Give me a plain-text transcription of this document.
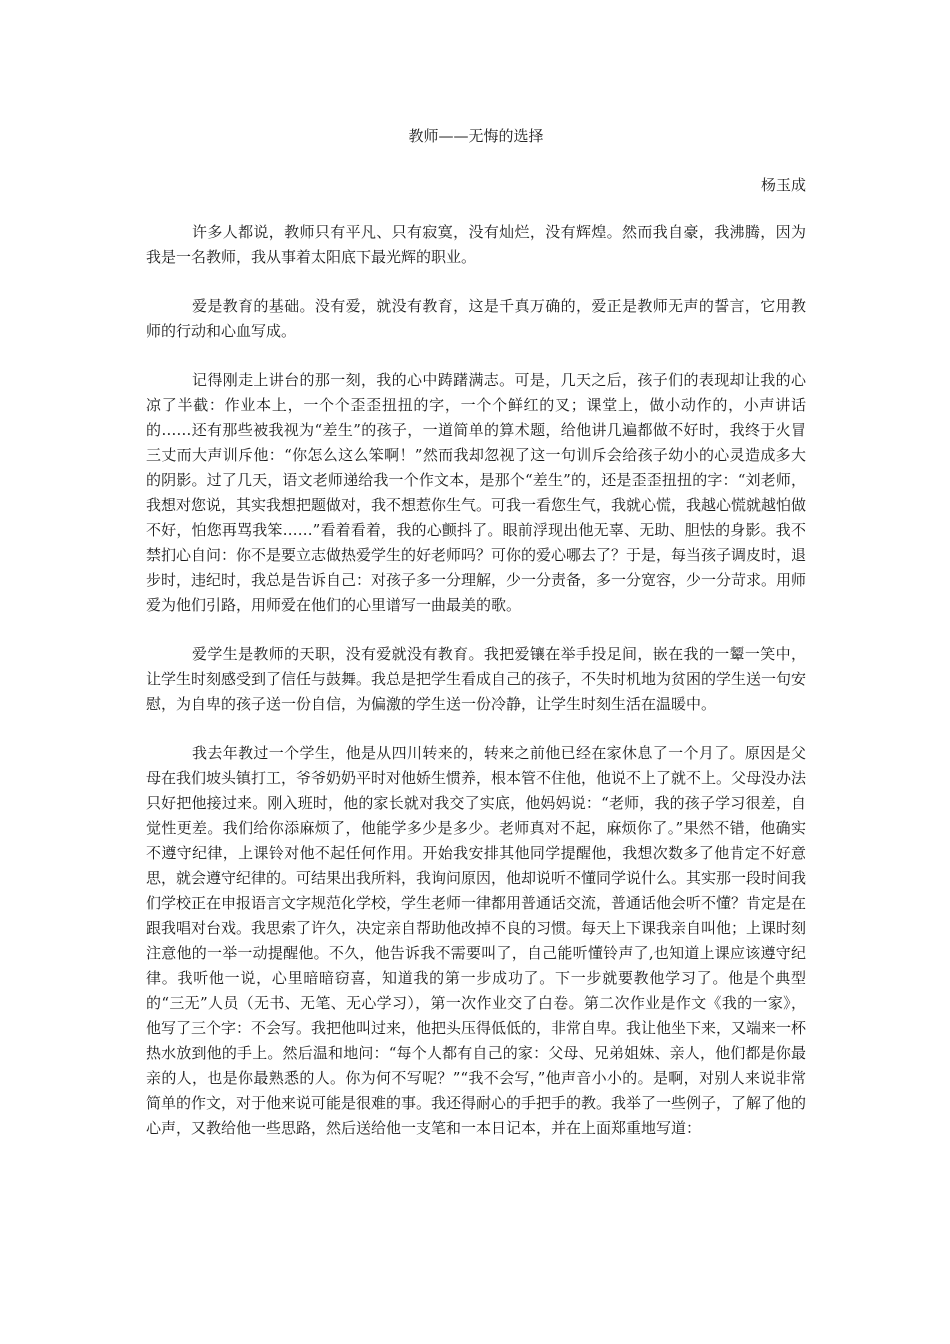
教师——无悔的选择
杨玉成

许多人都说，教师只有平凡、只有寂寞，没有灿烂，没有辉煌。然而我自豪，我沸腾，因为我是一名教师，我从事着太阳底下最光辉的职业。

爱是教育的基础。没有爱，就没有教育，这是千真万确的，爱正是教师无声的誓言，它用教师的行动和心血写成。

记得刚走上讲台的那一刻，我的心中踌躇满志。可是，几天之后，孩子们的表现却让我的心凉了半截：作业本上，一个个歪歪扭扭的字，一个个鲜红的叉；课堂上，做小动作的，小声讲话的……还有那些被我视为“差生”的孩子，一道简单的算术题，给他讲几遍都做不好时，我终于火冒三丈而大声训斥他：“你怎么这么笨啊！”然而我却忽视了这一句训斥会给孩子幼小的心灵造成多大的阴影。过了几天，语文老师递给我一个作文本，是那个“差生”的，还是歪歪扭扭的字：“刘老师，我想对您说，其实我想把题做对，我不想惹你生气。可我一看您生气，我就心慌，我越心慌就越怕做不好，怕您再骂我笨……”看着看着，我的心颤抖了。眼前浮现出他无辜、无助、胆怯的身影。我不禁扪心自问：你不是要立志做热爱学生的好老师吗？可你的爱心哪去了？于是，每当孩子调皮时，退步时，违纪时，我总是告诉自己：对孩子多一分理解，少一分责备，多一分宽容，少一分苛求。用师爱为他们引路，用师爱在他们的心里谱写一曲最美的歌。

爱学生是教师的天职，没有爱就没有教育。我把爱镶在举手投足间，嵌在我的一颦一笑中，让学生时刻感受到了信任与鼓舞。我总是把学生看成自己的孩子，不失时机地为贫困的学生送一句安慰，为自卑的孩子送一份自信，为偏激的学生送一份冷静，让学生时刻生活在温暖中。

我去年教过一个学生，他是从四川转来的，转来之前他已经在家休息了一个月了。原因是父母在我们坡头镇打工，爷爷奶奶平时对他娇生惯养，根本管不住他，他说不上了就不上。父母没办法只好把他接过来。刚入班时，他的家长就对我交了实底，他妈妈说：“老师，我的孩子学习很差，自觉性更差。我们给你添麻烦了，他能学多少是多少。老师真对不起，麻烦你了。”果然不错，他确实不遵守纪律，上课铃对他不起任何作用。开始我安排其他同学提醒他，我想次数多了他肯定不好意思，就会遵守纪律的。可结果出我所料，我询问原因，他却说听不懂同学说什么。其实那一段时间我们学校正在申报语言文字规范化学校，学生老师一律都用普通话交流，普通话他会听不懂？肯定是在跟我唱对台戏。我思索了许久，决定亲自帮助他改掉不良的习惯。每天上下课我亲自叫他；上课时刻注意他的一举一动提醒他。不久，他告诉我不需要叫了，自己能听懂铃声了,也知道上课应该遵守纪律。我听他一说，心里暗暗窃喜，知道我的第一步成功了。下一步就要教他学习了。他是个典型的“三无”人员（无书、无笔、无心学习），第一次作业交了白卷。第二次作业是作文《我的一家》，他写了三个字：不会写。我把他叫过来，他把头压得低低的，非常自卑。我让他坐下来，又端来一杯热水放到他的手上。然后温和地问：“每个人都有自己的家：父母、兄弟姐妹、亲人，他们都是你最亲的人，也是你最熟悉的人。你为何不写呢？”“我不会写，”他声音小小的。是啊，对别人来说非常简单的作文，对于他来说可能是很难的事。我还得耐心的手把手的教。我举了一些例子，了解了他的心声，又教给他一些思路，然后送给他一支笔和一本日记本，并在上面郑重地写道：
